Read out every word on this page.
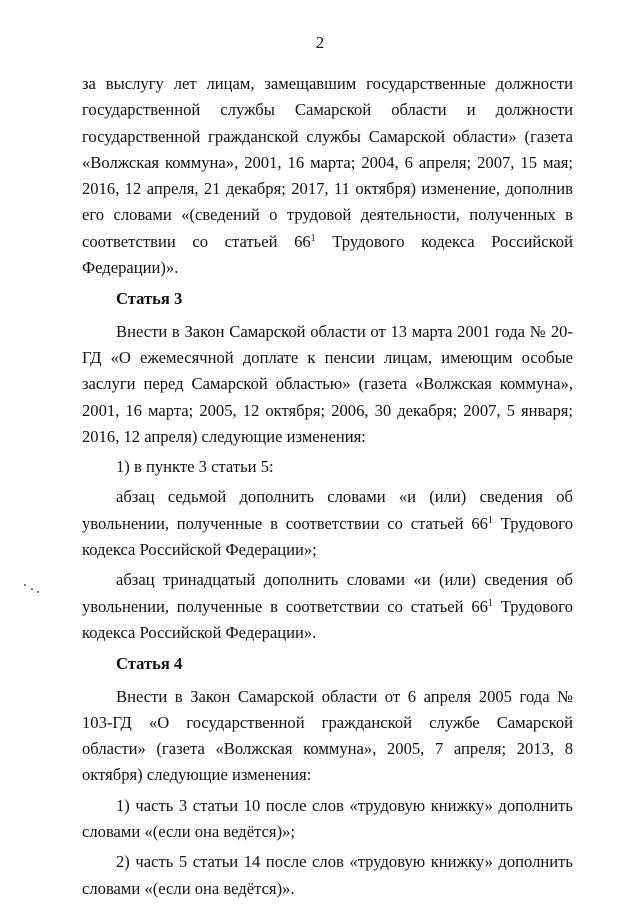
2

за выслугу лет лицам, замещавшим государственные должности государственной службы Самарской области и должности государственной гражданской службы Самарской области» (газета «Волжская коммуна», 2001, 16 марта; 2004, 6 апреля; 2007, 15 мая; 2016, 12 апреля, 21 декабря; 2017, 11 октября) изменение, дополнив его словами «(сведений о трудовой деятельности, полученных в соответствии со статьей $66^1$ Трудового кодекса Российской Федерации)».

Статья 3

Внести в Закон Самарской области от 13 марта 2001 года № 20-ГД «О ежемесячной доплате к пенсии лицам, имеющим особые заслуги перед Самарской областью» (газета «Волжская коммуна», 2001, 16 марта; 2005, 12 октября; 2006, 30 декабря; 2007, 5 января; 2016, 12 апреля) следующие изменения:

1) в пункте 3 статьи 5:

абзац седьмой дополнить словами «и (или) сведения об увольнении, полученные в соответствии со статьей $66^1$ Трудового кодекса Российской Федерации»;

абзац тринадцатый дополнить словами «и (или) сведения об увольнении, полученные в соответствии со статьей $66^1$ Трудового кодекса Российской Федерации».

Статья 4

Внести в Закон Самарской области от 6 апреля 2005 года № 103-ГД «О государственной гражданской службе Самарской области» (газета «Волжская коммуна», 2005, 7 апреля; 2013, 8 октября) следующие изменения:

1) часть 3 статьи 10 после слов «трудовую книжку» дополнить словами «(если она ведётся)»;

2) часть 5 статьи 14 после слов «трудовую книжку» дополнить словами «(если она ведётся)».
